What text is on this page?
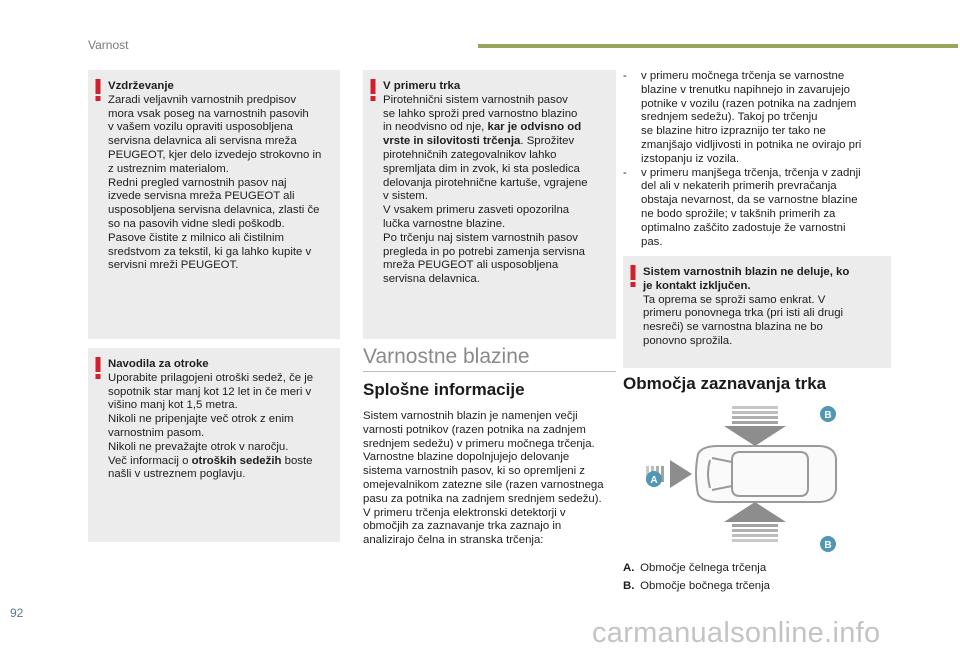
Varnost

Vzdrževanje

Zaradi veljavnih varnostnih predpisov

mora vsak poseg na varnostnih pasovih

v vašem vozilu opraviti usposobljena

servisna delavnica ali servisna mreža

PEUGEOT, kjer delo izvedejo strokovno in

z ustreznim materialom.

Redni pregled varnostnih pasov naj

izvede servisna mreža PEUGEOT ali

usposobljena servisna delavnica, zlasti če

so na pasovih vidne sledi poškodb.

Pasove čistite z milnico ali čistilnim

sredstvom za tekstil, ki ga lahko kupite v

servisni mreži PEUGEOT.

Navodila za otroke

Uporabite prilagojeni otroški sedež, če je

sopotnik star manj kot 12 let in če meri v

višino manj kot 1,5 metra.

Nikoli ne pripenjajte več otrok z enim

varnostnim pasom.

Nikoli ne prevažajte otrok v naročju.

Več informacij o otroških sedežih boste

našli v ustreznem poglavju.

V primeru trka

Pirotehnični sistem varnostnih pasov

se lahko sproži pred varnostno blazino

in neodvisno od nje, kar je odvisno od

vrste in silovitosti trčenja. Sprožitev

pirotehničnih zategovalnikov lahko

spremljata dim in zvok, ki sta posledica

delovanja pirotehnične kartuše, vgrajene

v sistem.

V vsakem primeru zasveti opozorilna

lučka varnostne blazine.

Po trčenju naj sistem varnostnih pasov

pregleda in po potrebi zamenja servisna

mreža PEUGEOT ali usposobljena

servisna delavnica.

Varnostne blazine
Splošne informacije

Sistem varnostnih blazin je namenjen večji

varnosti potnikov (razen potnika na zadnjem

srednjem sedežu) v primeru močnega trčenja.

Varnostne blazine dopolnjujejo delovanje

sistema varnostnih pasov, ki so opremljeni z

omejevalnikom zatezne sile (razen varnostnega

pasu za potnika na zadnjem srednjem sedežu).

V primeru trčenja elektronski detektorji v

območjih za zaznavanje trka zaznajo in

analizirajo čelna in stranska trčenja:

-	v primeru močnega trčenja se varnostne

blazine v trenutku napihnejo in zavarujejo

potnike v vozilu (razen potnika na zadnjem

srednjem sedežu). Takoj po trčenju

se blazine hitro izpraznijo ter tako ne

zmanjšajo vidljivosti in potnika ne ovirajo pri

izstopanju iz vozila.

-	v primeru manjšega trčenja, trčenja v zadnji

del ali v nekaterih primerih prevračanja

obstaja nevarnost, da se varnostne blazine

ne bodo sprožile; v takšnih primerih za

optimalno zaščito zadostuje že varnostni

pas.

Sistem varnostnih blazin ne deluje, ko

je kontakt izključen.

Ta oprema se sproži samo enkrat. V

primeru ponovnega trka (pri isti ali drugi

nesreči) se varnostna blazina ne bo

ponovno sprožila.

Območja zaznavanja trka
B
A
B
A. Območje čelnega trčenja
B. Območje bočnega trčenja
92
carmanualsonline.info
